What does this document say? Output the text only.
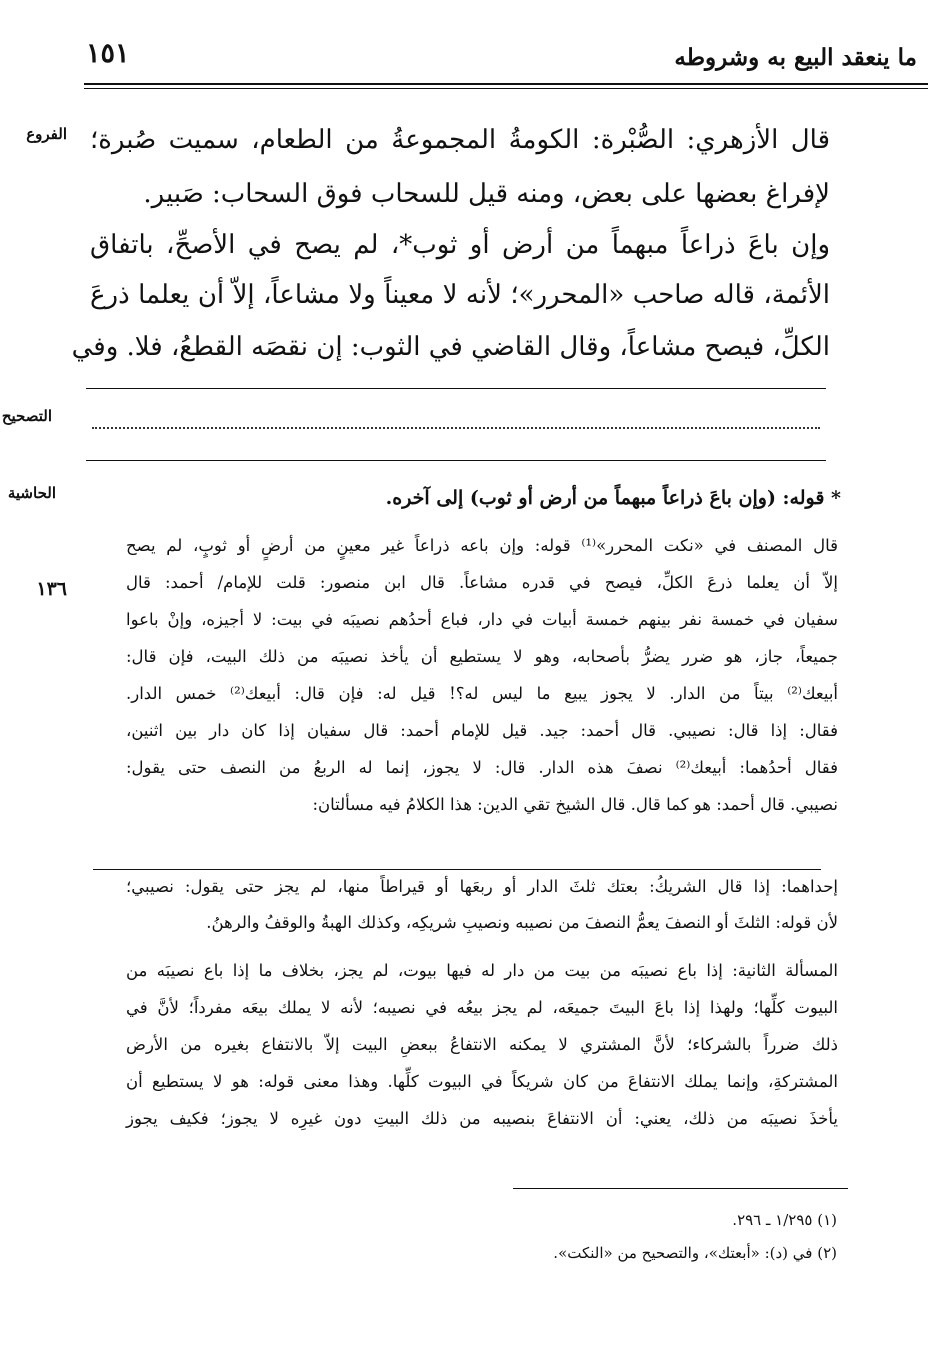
١٥١	ما ينعقد البيع به وشروطه
الفروع
التصحيح
الحاشية
١٣٦
قال الأزهري: الصُّبْرة: الكومةُ المجموعةُ من الطعام، سميت صُبرة؛
لإفراغ بعضها على بعض، ومنه قيل للسحاب فوق السحاب: صَبير.
وإن باعَ ذراعاً مبهماً من أرض أو ثوب*، لم يصح في الأصحِّ، باتفاق
الأئمة، قاله صاحب «المحرر»؛ لأنه لا معيناً ولا مشاعاً، إلاّ أن يعلما ذرعَ
الكلِّ، فيصح مشاعاً، وقال القاضي في الثوب: إن نقصَه القطعُ، فلا. وفي
* قوله: (وإن باعَ ذراعاً مبهماً من أرض أو ثوب) إلى آخره.
قال المصنف في «نكت المحرر»⁽¹⁾ قوله: وإن باعه ذراعاً غير معينٍ من أرضٍ أو ثوبٍ، لم يصح
إلاّ أن يعلما ذرعَ الكلِّ، فيصح في قدره مشاعاً. قال ابن منصور: قلت للإمام/ أحمد: قال
سفيان في خمسة نفر بينهم خمسة أبيات في دار، فباع أحدُهم نصيبَه في بيت: لا أجيزه، وإنْ باعوا
جميعاً، جاز، هو ضرر يضرُّ بأصحابه، وهو لا يستطيع أن يأخذ نصيبَه من ذلك البيت، فإن قال:
أبيعك⁽²⁾ بيتاً من الدار. لا يجوز يبيع ما ليس له؟! قيل له: فإن قال: أبيعك⁽²⁾ خمس الدار.
فقال: إذا قال: نصيبي. قال أحمد: جيد. قيل للإمام أحمد: قال سفيان إذا كان دار بين اثنين،
فقال أحدُهما: أبيعك⁽²⁾ نصفَ هذه الدار. قال: لا يجوز، إنما له الربعُ من النصف حتى يقول:
نصيبي. قال أحمد: هو كما قال. قال الشيخ تقي الدين: هذا الكلامُ فيه مسألتان:
إحداهما: إذا قال الشريكُ: بعتك ثلثَ الدار أو ربعَها أو قيراطاً منها، لم يجز حتى يقول: نصيبي؛
لأن قوله: الثلثَ أو النصفَ يعمُّ النصفَ من نصيبه ونصيبِ شريكِه، وكذلك الهبةُ والوقفُ والرهنُ.
المسألة الثانية: إذا باع نصيبَه من بيت من دار له فيها بيوت، لم يجز، بخلاف ما إذا باع نصيبَه من
البيوت كلِّها؛ ولهذا إذا باعَ البيتَ جميعَه، لم يجز بيعُه في نصيبه؛ لأنه لا يملك بيعَه مفرداً؛ لأنَّ في
ذلك ضرراً بالشركاء؛ لأنَّ المشتري لا يمكنه الانتفاعُ ببعضِ البيت إلاّ بالانتفاع بغيره من الأرض
المشتركةِ، وإنما يملك الانتفاعَ من كان شريكاً في البيوت كلِّها. وهذا معنى قوله: هو لا يستطيع أن
يأخذَ نصيبَه من ذلك، يعني: أن الانتفاعَ بنصيبه من ذلك البيتِ دون غيرِه لا يجوز؛ فكيف يجوز
(١) ١/٢٩٥ ـ ٢٩٦.
(٢) في (د): «أبعتك»، والتصحيح من «النكت».
